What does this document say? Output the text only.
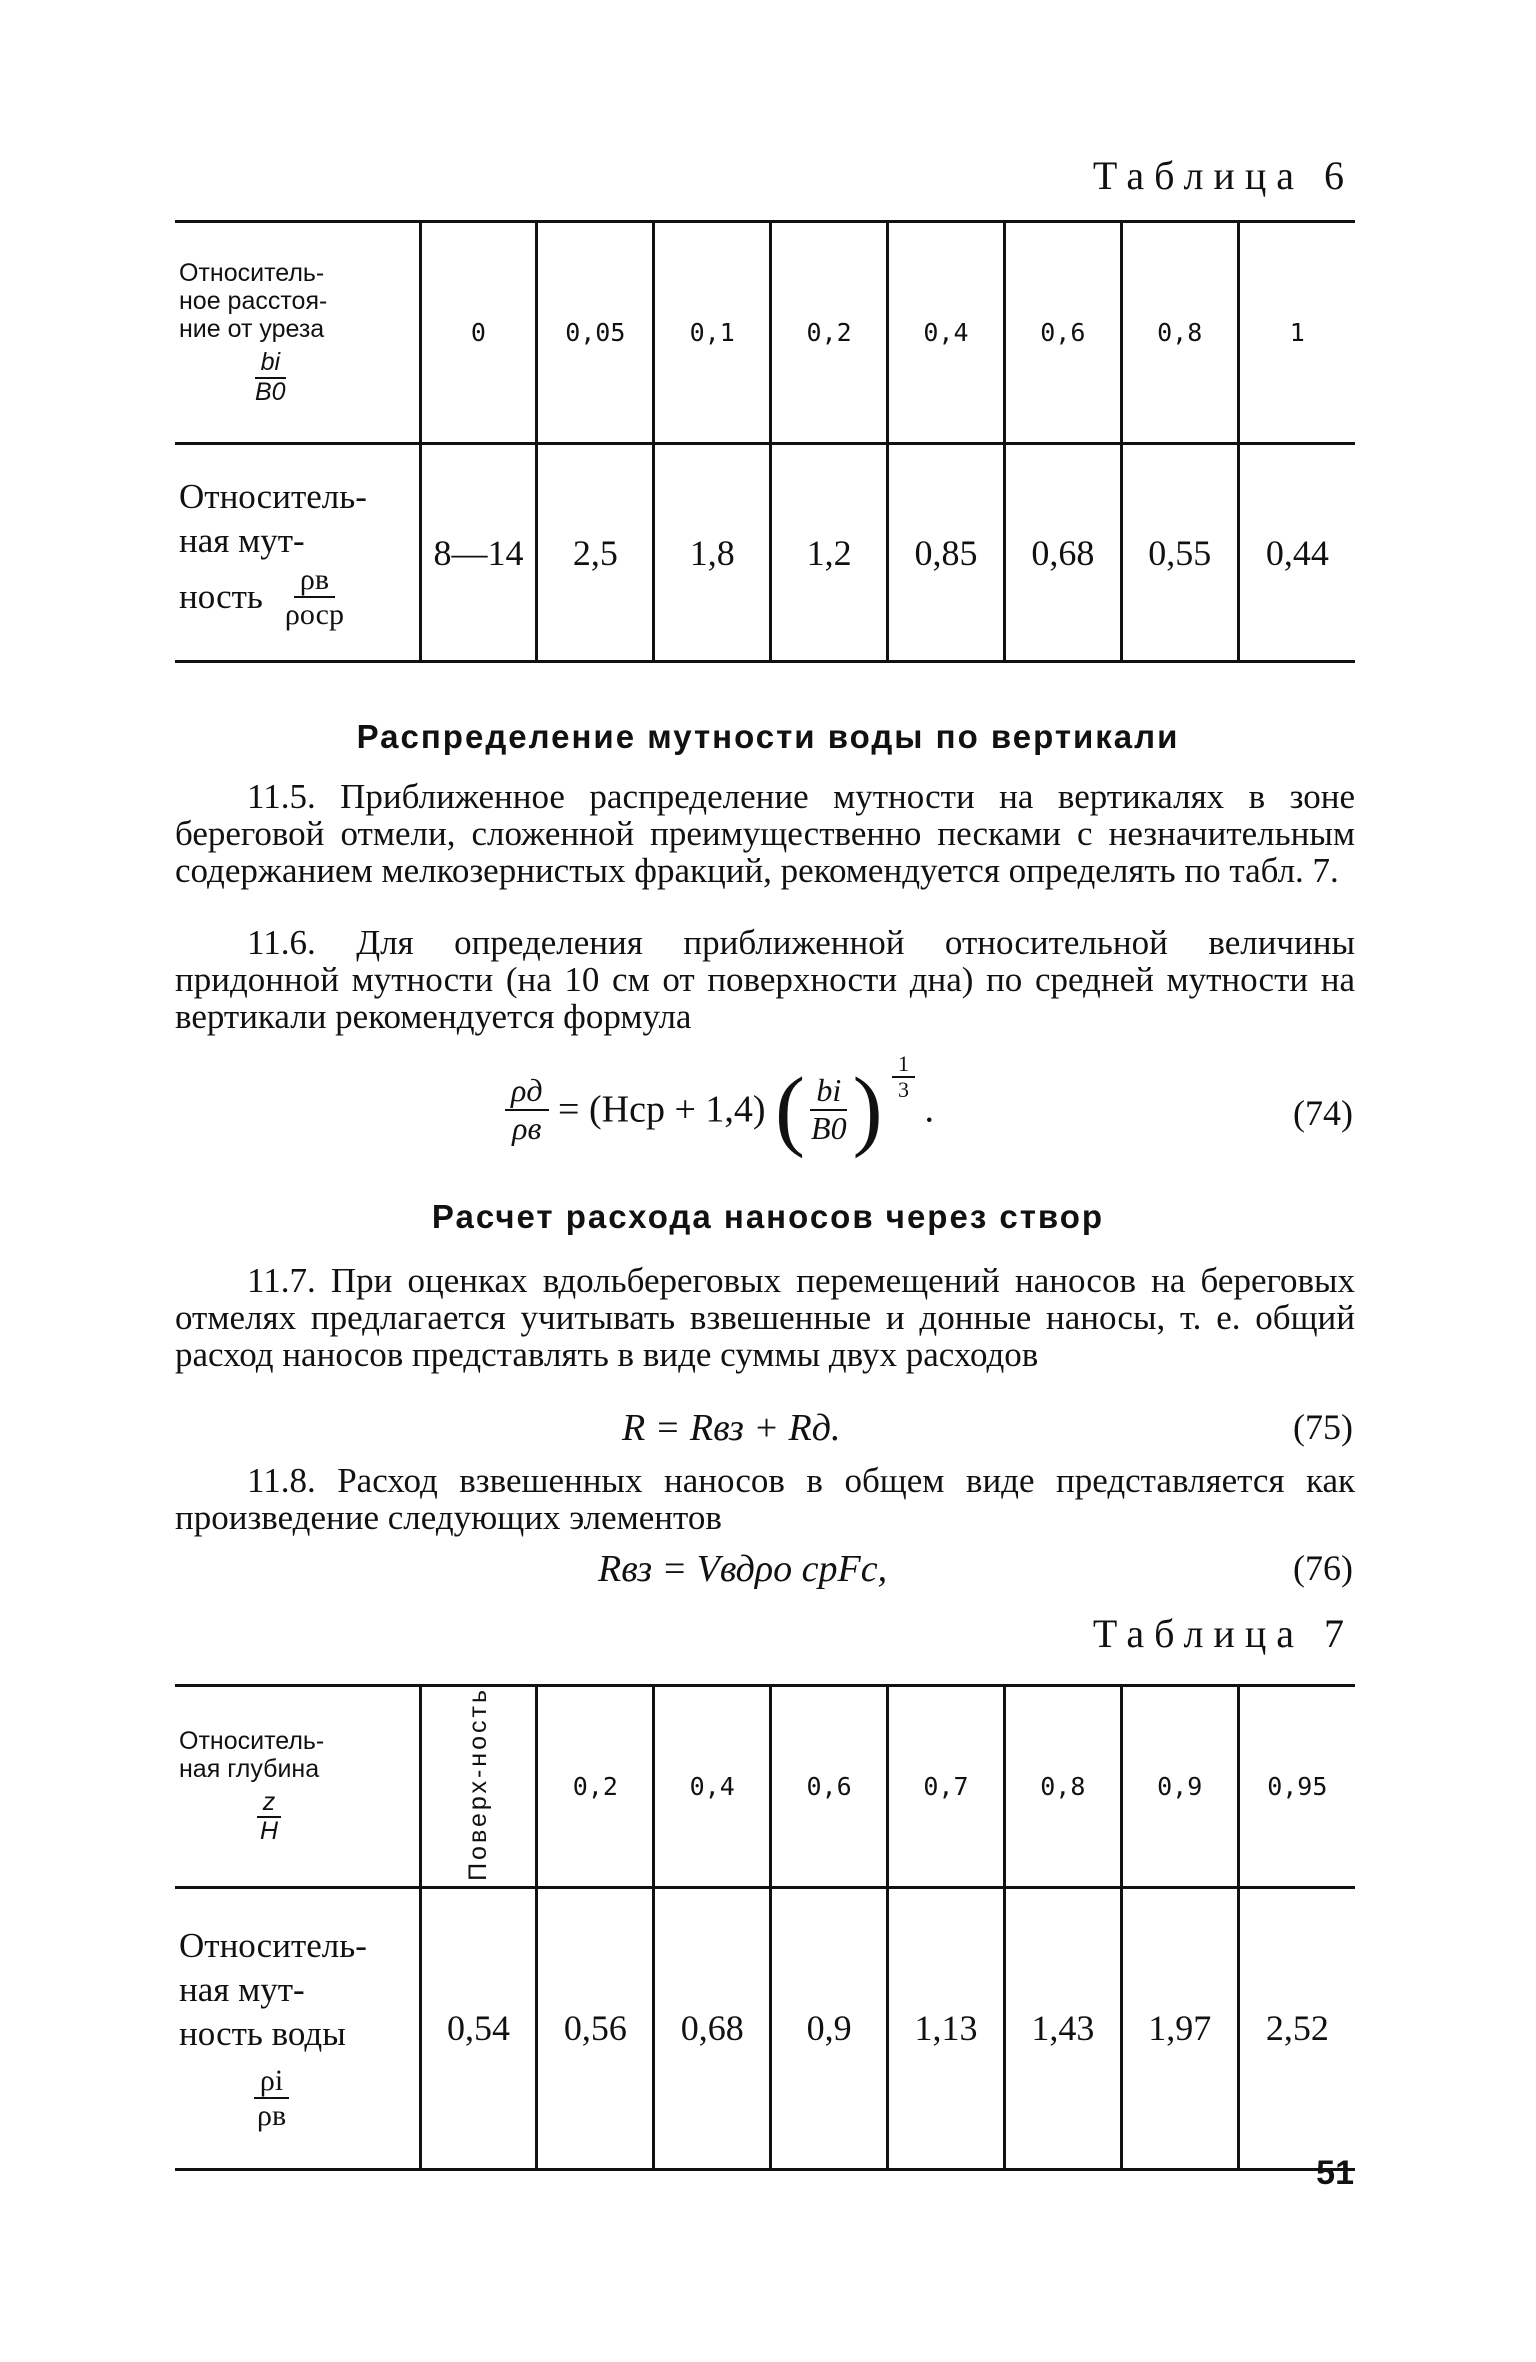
Таблица 6
Относитель-
ное расстоя-
ние от уреза
$\frac{bi}{B0}$	0	0,05	0,1	0,2	0,4	0,6	0,8	1

Относитель-
ная мут-
ность $\frac{\rho в}{\text{ρоср}}$	8—14	2,5	1,8	1,2	0,85	0,68	0,55	0,44
Распределение мутности воды по вертикали

11.5. Приближенное распределение мутности на вертикалях в зоне береговой отмели, сложенной преимущественно песками с незначительным содержанием мелкозернистых фракций, рекомендуется определять по табл. 7.

11.6. Для определения приближенной относительной величины придонной мутности (на 10 см от поверхности дна) по средней мутности на вертикали рекомендуется формула

$\frac{\rho д}{\rho в} = (Hср + 1,4)$ ( $\frac{bi}{B0}$ ) $\frac{1}{3}$
.	(74)
Расчет расхода наносов через створ

11.7. При оценках вдольбереговых перемещений наносов на береговых отмелях предлагается учитывать взвешенные и донные наносы, т. е. общий расход наносов представлять в виде суммы двух расходов

R = Rвз + Rд.	(75)

11.8. Расход взвешенных наносов в общем виде представляется как произведение следующих элементов

Rвз = Vвдρо срFс,	(76)
Таблица 7
Относитель-
ная глубина
$\frac{z}{H}$	Поверх-ность	0,2	0,4	0,6	0,7	0,8	0,9	0,95

Относитель-
ная мут-
ность воды
$\frac{\rho i}{\rho в}$	0,54	0,56	0,68	0,9	1,13	1,43	1,97	2,52
51
